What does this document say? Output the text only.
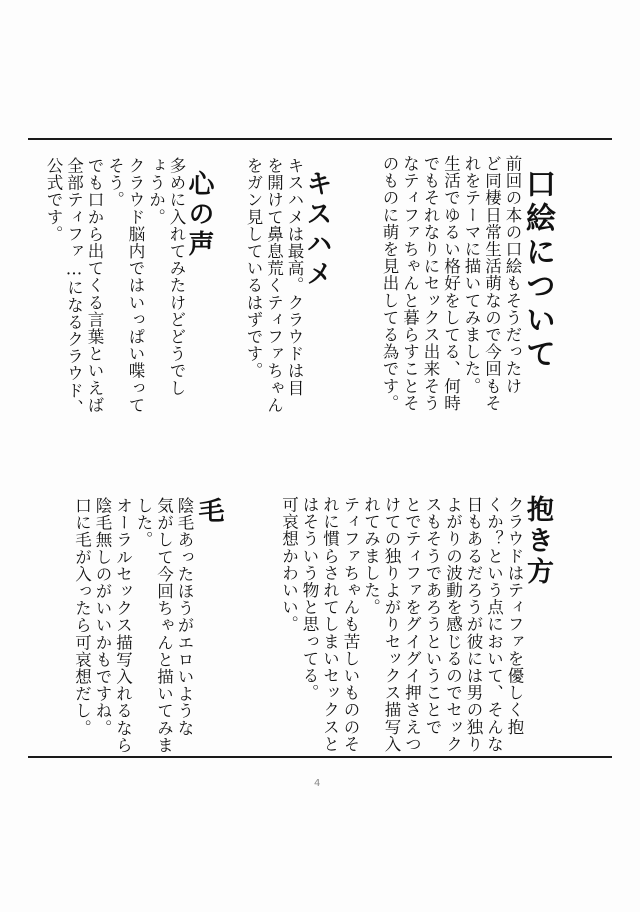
口絵について

前回の本の口絵もそうだったけ
ど同棲日常生活萌なので今回もそ
れをテーマに描いてみました。
生活でゆるい格好をしてる、何時
でもそれなりにセックス出来そう
なティファちゃんと暮らすことそ
のものに萌を見出してる為です。

キスハメ

キスハメは最高。クラウドは目
を開けて鼻息荒くティファちゃん
をガン見しているはずです。

心の声

多めに入れてみたけどどうでし
ょうか。
クラウド脳内ではいっぱい喋って
そう。
でも口から出てくる言葉といえば
全部ティファ…になるクラウド、
公式です。

抱き方

クラウドはティファを優しく抱
くか？という点において、そんな
日もあるだろうが彼には男の独り
よがりの波動を感じるのでセック
スもそうであろうということで
とでティファをグイグイ押さえつ
けての独りよがりセックス描写入
れてみました。
ティファちゃんも苦しいもののそ
れに慣らされてしまいセックスと
はそういう物と思ってる。
可哀想かわいい。

毛

陰毛あったほうがエロいような
気がして今回ちゃんと描いてみま
した。
オーラルセックス描写入れるなら
陰毛無しのがいいかもですね。
口に毛が入ったら可哀想だし。

4
